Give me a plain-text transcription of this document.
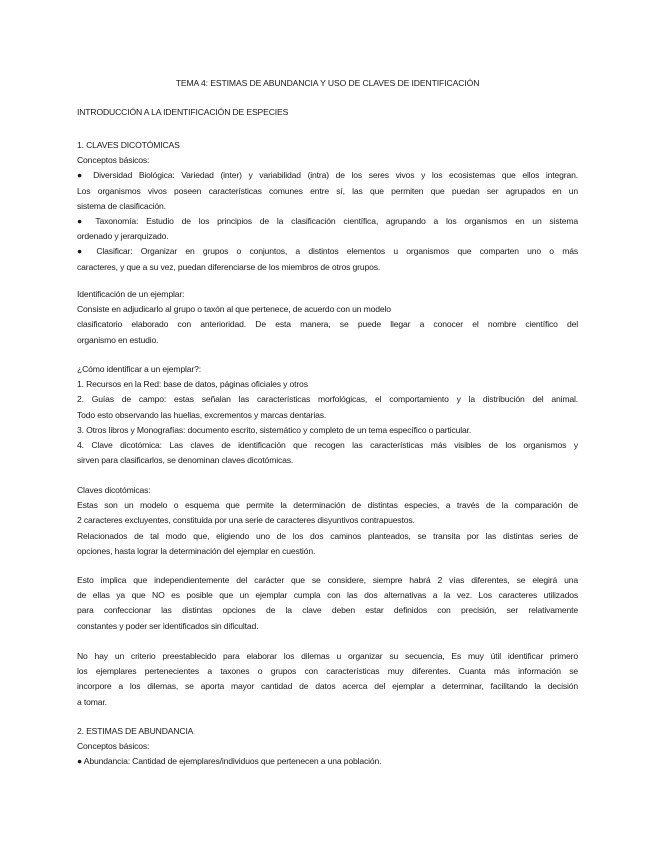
TEMA 4: ESTIMAS DE ABUNDANCIA Y USO DE CLAVES DE IDENTIFICACIÓN
INTRODUCCIÓN A LA IDENTIFICACIÓN DE ESPECIES
1. CLAVES DICOTÓMICAS
Conceptos básicos:
● Diversidad Biológica: Variedad (inter) y variabilidad (intra) de los seres vivos y los ecosistemas que ellos integran.
Los organismos vivos poseen características comunes entre sí, las que permiten que puedan ser agrupados en un
sistema de clasificación.
● Taxonomía: Estudio de los principios de la clasificación científica, agrupando a los organismos en un sistema
ordenado y jerarquizado.
● Clasificar: Organizar en grupos o conjuntos, a distintos elementos u organismos que comparten uno o más
caracteres, y que a su vez, puedan diferenciarse de los miembros de otros grupos.
Identificación de un ejemplar:
Consiste en adjudicarlo al grupo o taxón al que pertenece, de acuerdo con un modelo
clasificatorio elaborado con anterioridad. De esta manera, se puede llegar a conocer el nombre científico del
organismo en estudio.
¿Cómo identificar a un ejemplar?:
1. Recursos en la Red: base de datos, páginas oficiales y otros
2. Guías de campo: estas señalan las características morfológicas, el comportamiento y la distribución del animal.
Todo esto observando las huellas, excrementos y marcas dentarias.
3. Otros libros y Monografías: documento escrito, sistemático y completo de un tema específico o particular.
4. Clave dicotómica: Las claves de identificación que recogen las características más visibles de los organismos y
sirven para clasificarlos, se denominan claves dicotómicas.
Claves dicotómicas:
Estas son un modelo o esquema que permite la determinación de distintas especies, a través de la comparación de
2 caracteres excluyentes, constituida por una serie de caracteres disyuntivos contrapuestos.
Relacionados de tal modo que, eligiendo uno de los dos caminos planteados, se transita por las distintas series de
opciones, hasta lograr la determinación del ejemplar en cuestión.
Esto implica que independientemente del carácter que se considere, siempre habrá 2 vías diferentes, se elegirá una
de ellas ya que NO es posible que un ejemplar cumpla con las dos alternativas a la vez. Los caracteres utilizados
para confeccionar las distintas opciones de la clave deben estar definidos con precisión, ser relativamente
constantes y poder ser identificados sin dificultad.
No hay un criterio preestablecido para elaborar los dilemas u organizar su secuencia, Es muy útil identificar primero
los ejemplares pertenecientes a taxones o grupos con características muy diferentes. Cuanta más información se
incorpore a los dilemas, se aporta mayor cantidad de datos acerca del ejemplar a determinar, facilitando la decisión
a tomar.
2. ESTIMAS DE ABUNDANCIA
Conceptos básicos:
● Abundancia: Cantidad de ejemplares/individuos que pertenecen a una población.
